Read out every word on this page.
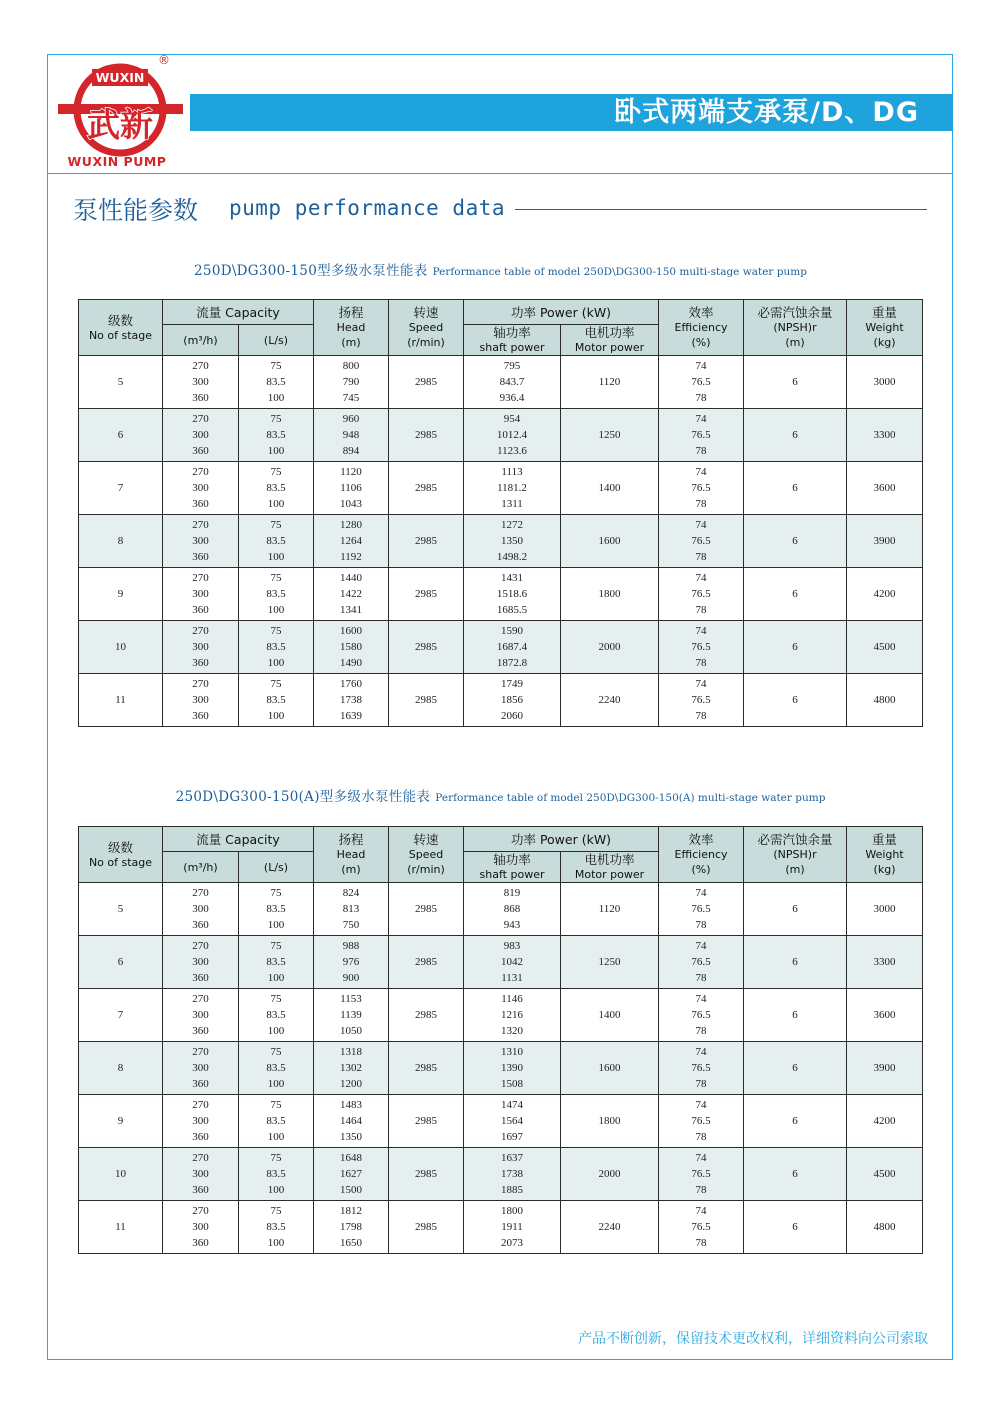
WUXIN
武新
®
WUXIN PUMP
卧式两端支承泵/D、DG
泵性能参数 pump performance data
250D\DG300-150型多级水泵性能表 Performance table of model 250D\DG300-150 multi-stage water pump
级数
No of stage	流量 Capacity		扬程
Head
(m)	转速
Speed
(r/min)	功率 Power (kW)		效率
Efficiency
(%)	必需汽蚀余量
(NPSH)r
(m)	重量
Weight
(kg)
	(m³/h)	(L/s)			轴功率
shaft power	电机功率
Motor power			
5	270
300
360	75
83.5
100	800
790
745	2985	795
843.7
936.4	1120	74
76.5
78	6	3000
6	270
300
360	75
83.5
100	960
948
894	2985	954
1012.4
1123.6	1250	74
76.5
78	6	3300
7	270
300
360	75
83.5
100	1120
1106
1043	2985	1113
1181.2
1311	1400	74
76.5
78	6	3600
8	270
300
360	75
83.5
100	1280
1264
1192	2985	1272
1350
1498.2	1600	74
76.5
78	6	3900
9	270
300
360	75
83.5
100	1440
1422
1341	2985	1431
1518.6
1685.5	1800	74
76.5
78	6	4200
10	270
300
360	75
83.5
100	1600
1580
1490	2985	1590
1687.4
1872.8	2000	74
76.5
78	6	4500
11	270
300
360	75
83.5
100	1760
1738
1639	2985	1749
1856
2060	2240	74
76.5
78	6	4800
250D\DG300-150(A)型多级水泵性能表 Performance table of model 250D\DG300-150(A) multi-stage water pump
级数
No of stage	流量 Capacity		扬程
Head
(m)	转速
Speed
(r/min)	功率 Power (kW)		效率
Efficiency
(%)	必需汽蚀余量
(NPSH)r
(m)	重量
Weight
(kg)
	(m³/h)	(L/s)			轴功率
shaft power	电机功率
Motor power			
5	270
300
360	75
83.5
100	824
813
750	2985	819
868
943	1120	74
76.5
78	6	3000
6	270
300
360	75
83.5
100	988
976
900	2985	983
1042
1131	1250	74
76.5
78	6	3300
7	270
300
360	75
83.5
100	1153
1139
1050	2985	1146
1216
1320	1400	74
76.5
78	6	3600
8	270
300
360	75
83.5
100	1318
1302
1200	2985	1310
1390
1508	1600	74
76.5
78	6	3900
9	270
300
360	75
83.5
100	1483
1464
1350	2985	1474
1564
1697	1800	74
76.5
78	6	4200
10	270
300
360	75
83.5
100	1648
1627
1500	2985	1637
1738
1885	2000	74
76.5
78	6	4500
11	270
300
360	75
83.5
100	1812
1798
1650	2985	1800
1911
2073	2240	74
76.5
78	6	4800
产品不断创新，保留技术更改权利，详细资料向公司索取
